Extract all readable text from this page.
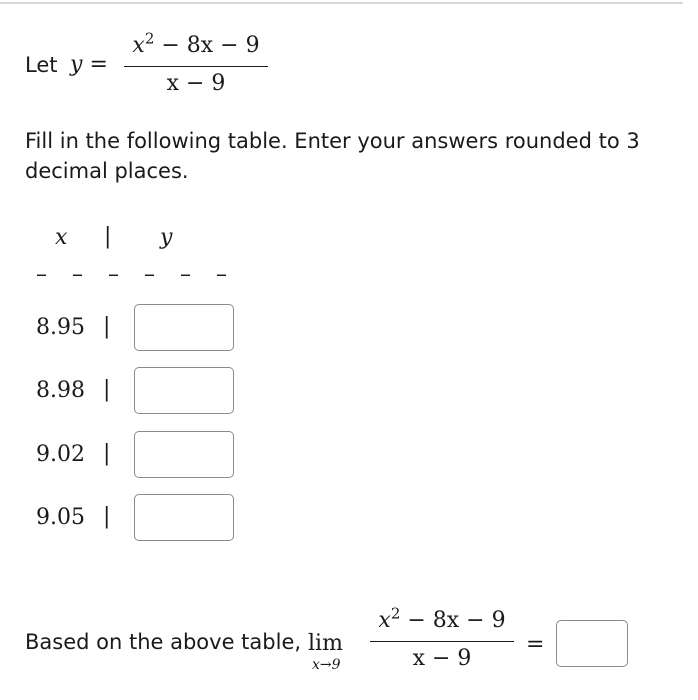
Let y =
$x^2 - 8x - 9$
x − 9
Fill in the following table. Enter your answers rounded to 3 decimal places.
x | y
– – – – – –
8.95 |
8.98 |
9.02 |
9.05 |
Based on the above table, lim
x→9
$x^2 - 8x - 9$
x − 9
=
